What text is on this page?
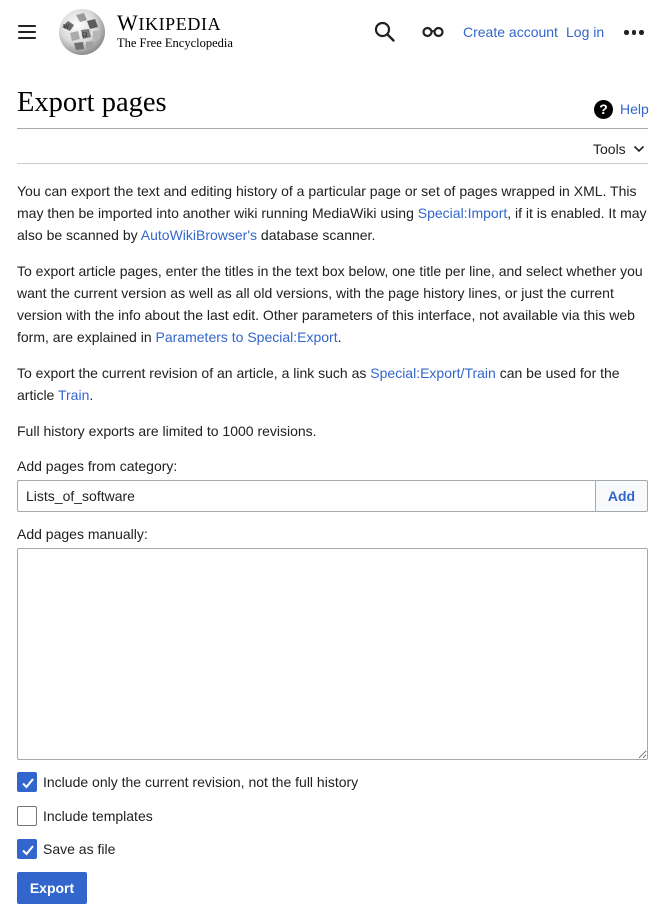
W
Ω WIKIPEDIA
The Free Encyclopedia
Create account Log in
Export pages	? Help
Tools

You can export the text and editing history of a particular page or set of pages wrapped in XML. This may then be imported into another wiki running MediaWiki using Special:Import, if it is enabled. It may also be scanned by AutoWikiBrowser's database scanner.

To export article pages, enter the titles in the text box below, one title per line, and select whether you want the current version as well as all old versions, with the page history lines, or just the current version with the info about the last edit. Other parameters of this interface, not available via this web form, are explained in Parameters to Special:Export.

To export the current revision of an article, a link such as Special:Export/Train can be used for the article Train.

Full history exports are limited to 1000 revisions.

Add pages from category:
Lists_of_software
Add
Add pages manually:
Include only the current revision, not the full history
Include templates
Save as file
Export
